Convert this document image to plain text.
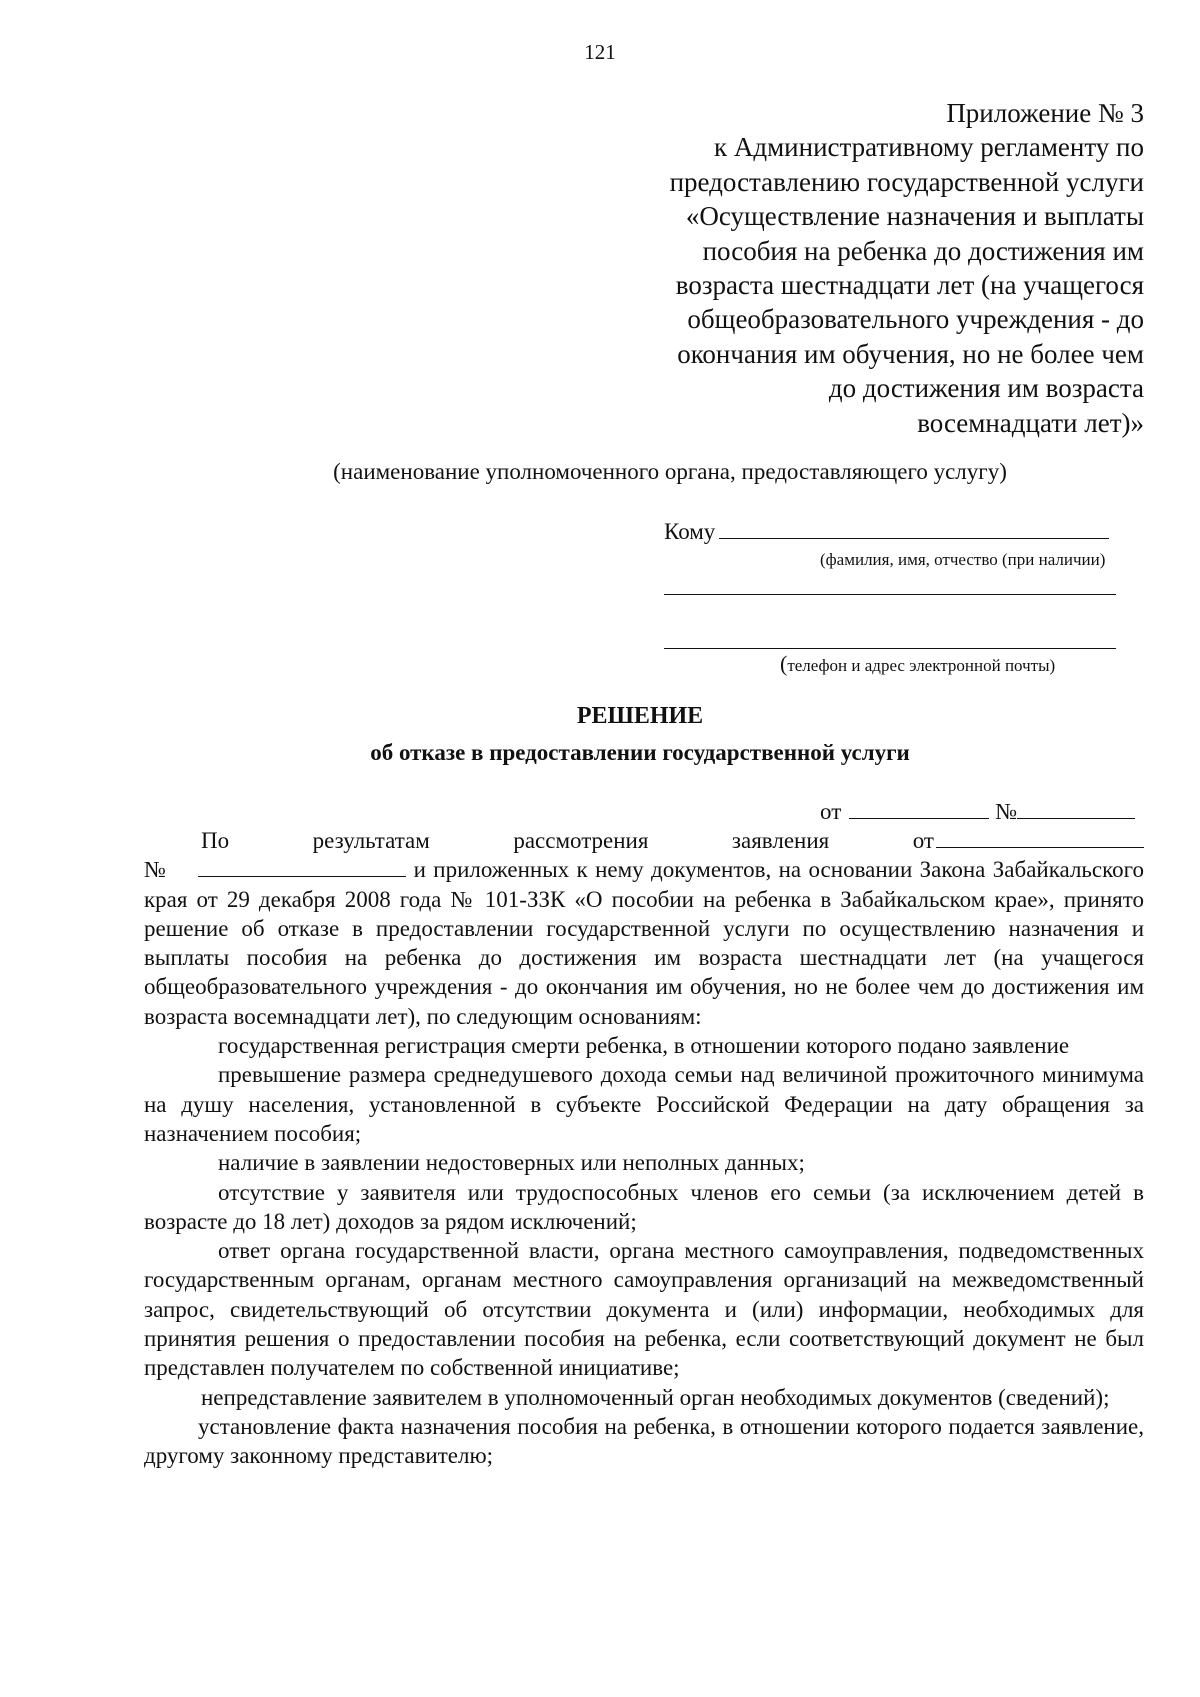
121
Приложение № 3
к Административному регламенту по
предоставлению государственной услуги
«Осуществление назначения и выплаты
пособия на ребенка до достижения им
возраста шестнадцати лет (на учащегося
общеобразовательного учреждения - до
окончания им обучения, но не более чем
до достижения им возраста
восемнадцати лет)»
(наименование уполномоченного органа, предоставляющего услугу)
Кому
(фамилия, имя, отчество (при наличии)
(телефон и адрес электронной почты)
РЕШЕНИЕ
об отказе в предоставлении государственной услуги
от	№
По	результатам	рассмотрения	заявления	от

№	и приложенных к нему документов, на основании Закона Забайкальского края от 29 декабря 2008 года № 101-ЗЗК «О пособии на ребенка в Забайкальском крае», принято решение об отказе в предоставлении государственной услуги по осуществлению назначения и выплаты пособия на ребенка до достижения им возраста шестнадцати лет (на учащегося общеобразовательного учреждения - до окончания им обучения, но не более чем до достижения им возраста восемнадцати лет), по следующим основаниям:

государственная регистрация смерти ребенка, в отношении которого подано заявление

превышение размера среднедушевого дохода семьи над величиной прожиточного минимума на душу населения, установленной в субъекте Российской Федерации на дату обращения за назначением пособия;

наличие в заявлении недостоверных или неполных данных;

отсутствие у заявителя или трудоспособных членов его семьи (за исключением детей в возрасте до 18 лет) доходов за рядом исключений;

ответ органа государственной власти, органа местного самоуправления, подведомственных государственным органам, органам местного самоуправления организаций на межведомственный запрос, свидетельствующий об отсутствии документа и (или) информации, необходимых для принятия решения о предоставлении пособия на ребенка, если соответствующий документ не был представлен получателем по собственной инициативе;

непредставление заявителем в уполномоченный орган необходимых документов (сведений);

установление факта назначения пособия на ребенка, в отношении которого подается заявление, другому законному представителю;
